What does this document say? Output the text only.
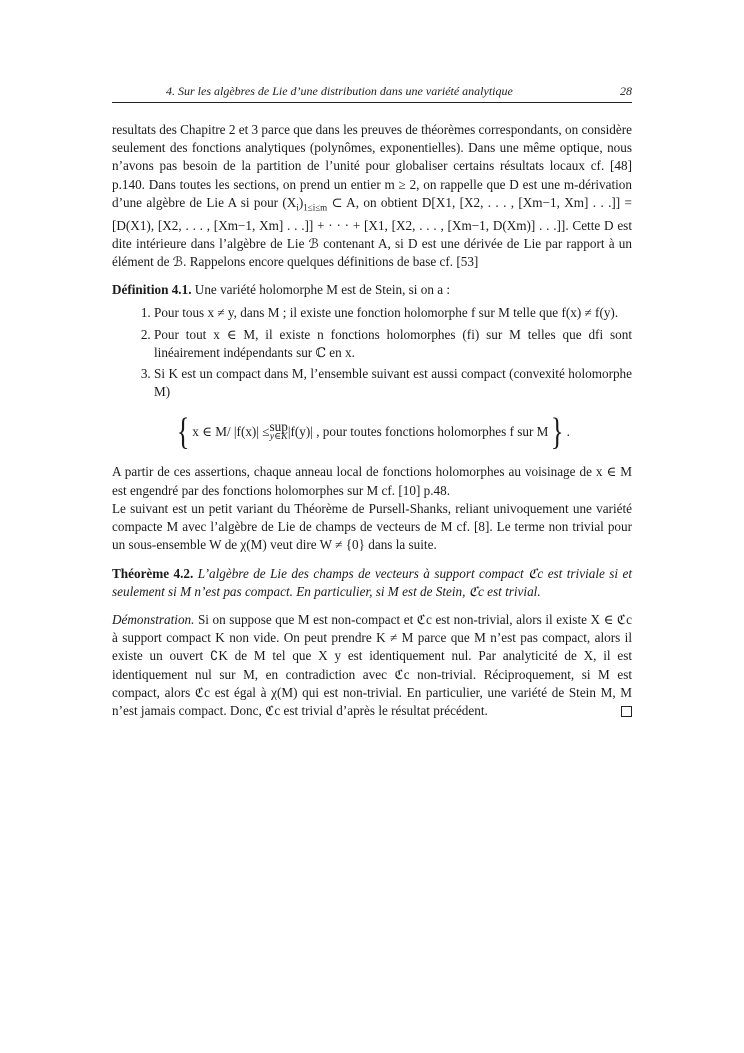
4. Sur les algèbres de Lie d’une distribution dans une variété analytique	28

resultats des Chapitre 2 et 3 parce que dans les preuves de théorèmes correspondants, on considère seulement des fonctions analytiques (polynômes, exponentielles). Dans une même optique, nous n’avons pas besoin de la partition de l’unité pour globaliser certains résultats locaux cf. [48] p.140. Dans toutes les sections, on prend un entier m ≥ 2, on rappelle que D est une m-dérivation d’une algèbre de Lie A si pour $(X_i)_{1\le i\le m}$ ⊂ A, on obtient D[X1, [X2, . . . , [Xm−1, Xm] . . .]] = [D(X1), [X2, . . . , [Xm−1, Xm] . . .]] + · · · + [X1, [X2, . . . , [Xm−1, D(Xm)] . . .]]. Cette D est dite intérieure dans l’algèbre de Lie ℬ contenant A, si D est une dérivée de Lie par rapport à un élément de ℬ. Rappelons encore quelques définitions de base cf. [53]

Définition 4.1. Une variété holomorphe M est de Stein, si on a :

1. Pour tous x ≠ y, dans M ; il existe une fonction holomorphe f sur M telle que f(x) ≠ f(y).
2. Pour tout x ∈ M, il existe n fonctions holomorphes (fi) sur M telles que dfi sont linéairement indépendants sur ℂ en x.
3. Si K est un compact dans M, l’ensemble suivant est aussi compact (convexité holomorphe M)
{ x ∈ M/ |f(x)| ≤ sup
y∈K |f(y)| , pour toutes fonctions holomorphes f sur M } .

A partir de ces assertions, chaque anneau local de fonctions holomorphes au voisinage de x ∈ M est engendré par des fonctions holomorphes sur M cf. [10] p.48.

Le suivant est un petit variant du Théorème de Pursell-Shanks, reliant univoquement une variété compacte M avec l’algèbre de Lie de champs de vecteurs de M cf. [8]. Le terme non trivial pour un sous-ensemble W de χ(M) veut dire W ≠ {0} dans la suite.

Théorème 4.2. L’algèbre de Lie des champs de vecteurs à support compact ℭc est triviale si et seulement si M n’est pas compact. En particulier, si M est de Stein, ℭc est trivial.

Démonstration. Si on suppose que M est non-compact et ℭc est non-trivial, alors il existe X ∈ ℭc à support compact K non vide. On peut prendre K ≠ M parce que M n’est pas compact, alors il existe un ouvert ∁K de M tel que X y est identiquement nul. Par analyticité de X, il est identiquement nul sur M, en contradiction avec ℭc non-trivial. Réciproquement, si M est compact, alors ℭc est égal à χ(M) qui est non-trivial. En particulier, une variété de Stein M, M n’est jamais compact. Donc, ℭc est trivial d’après le résultat précédent.
